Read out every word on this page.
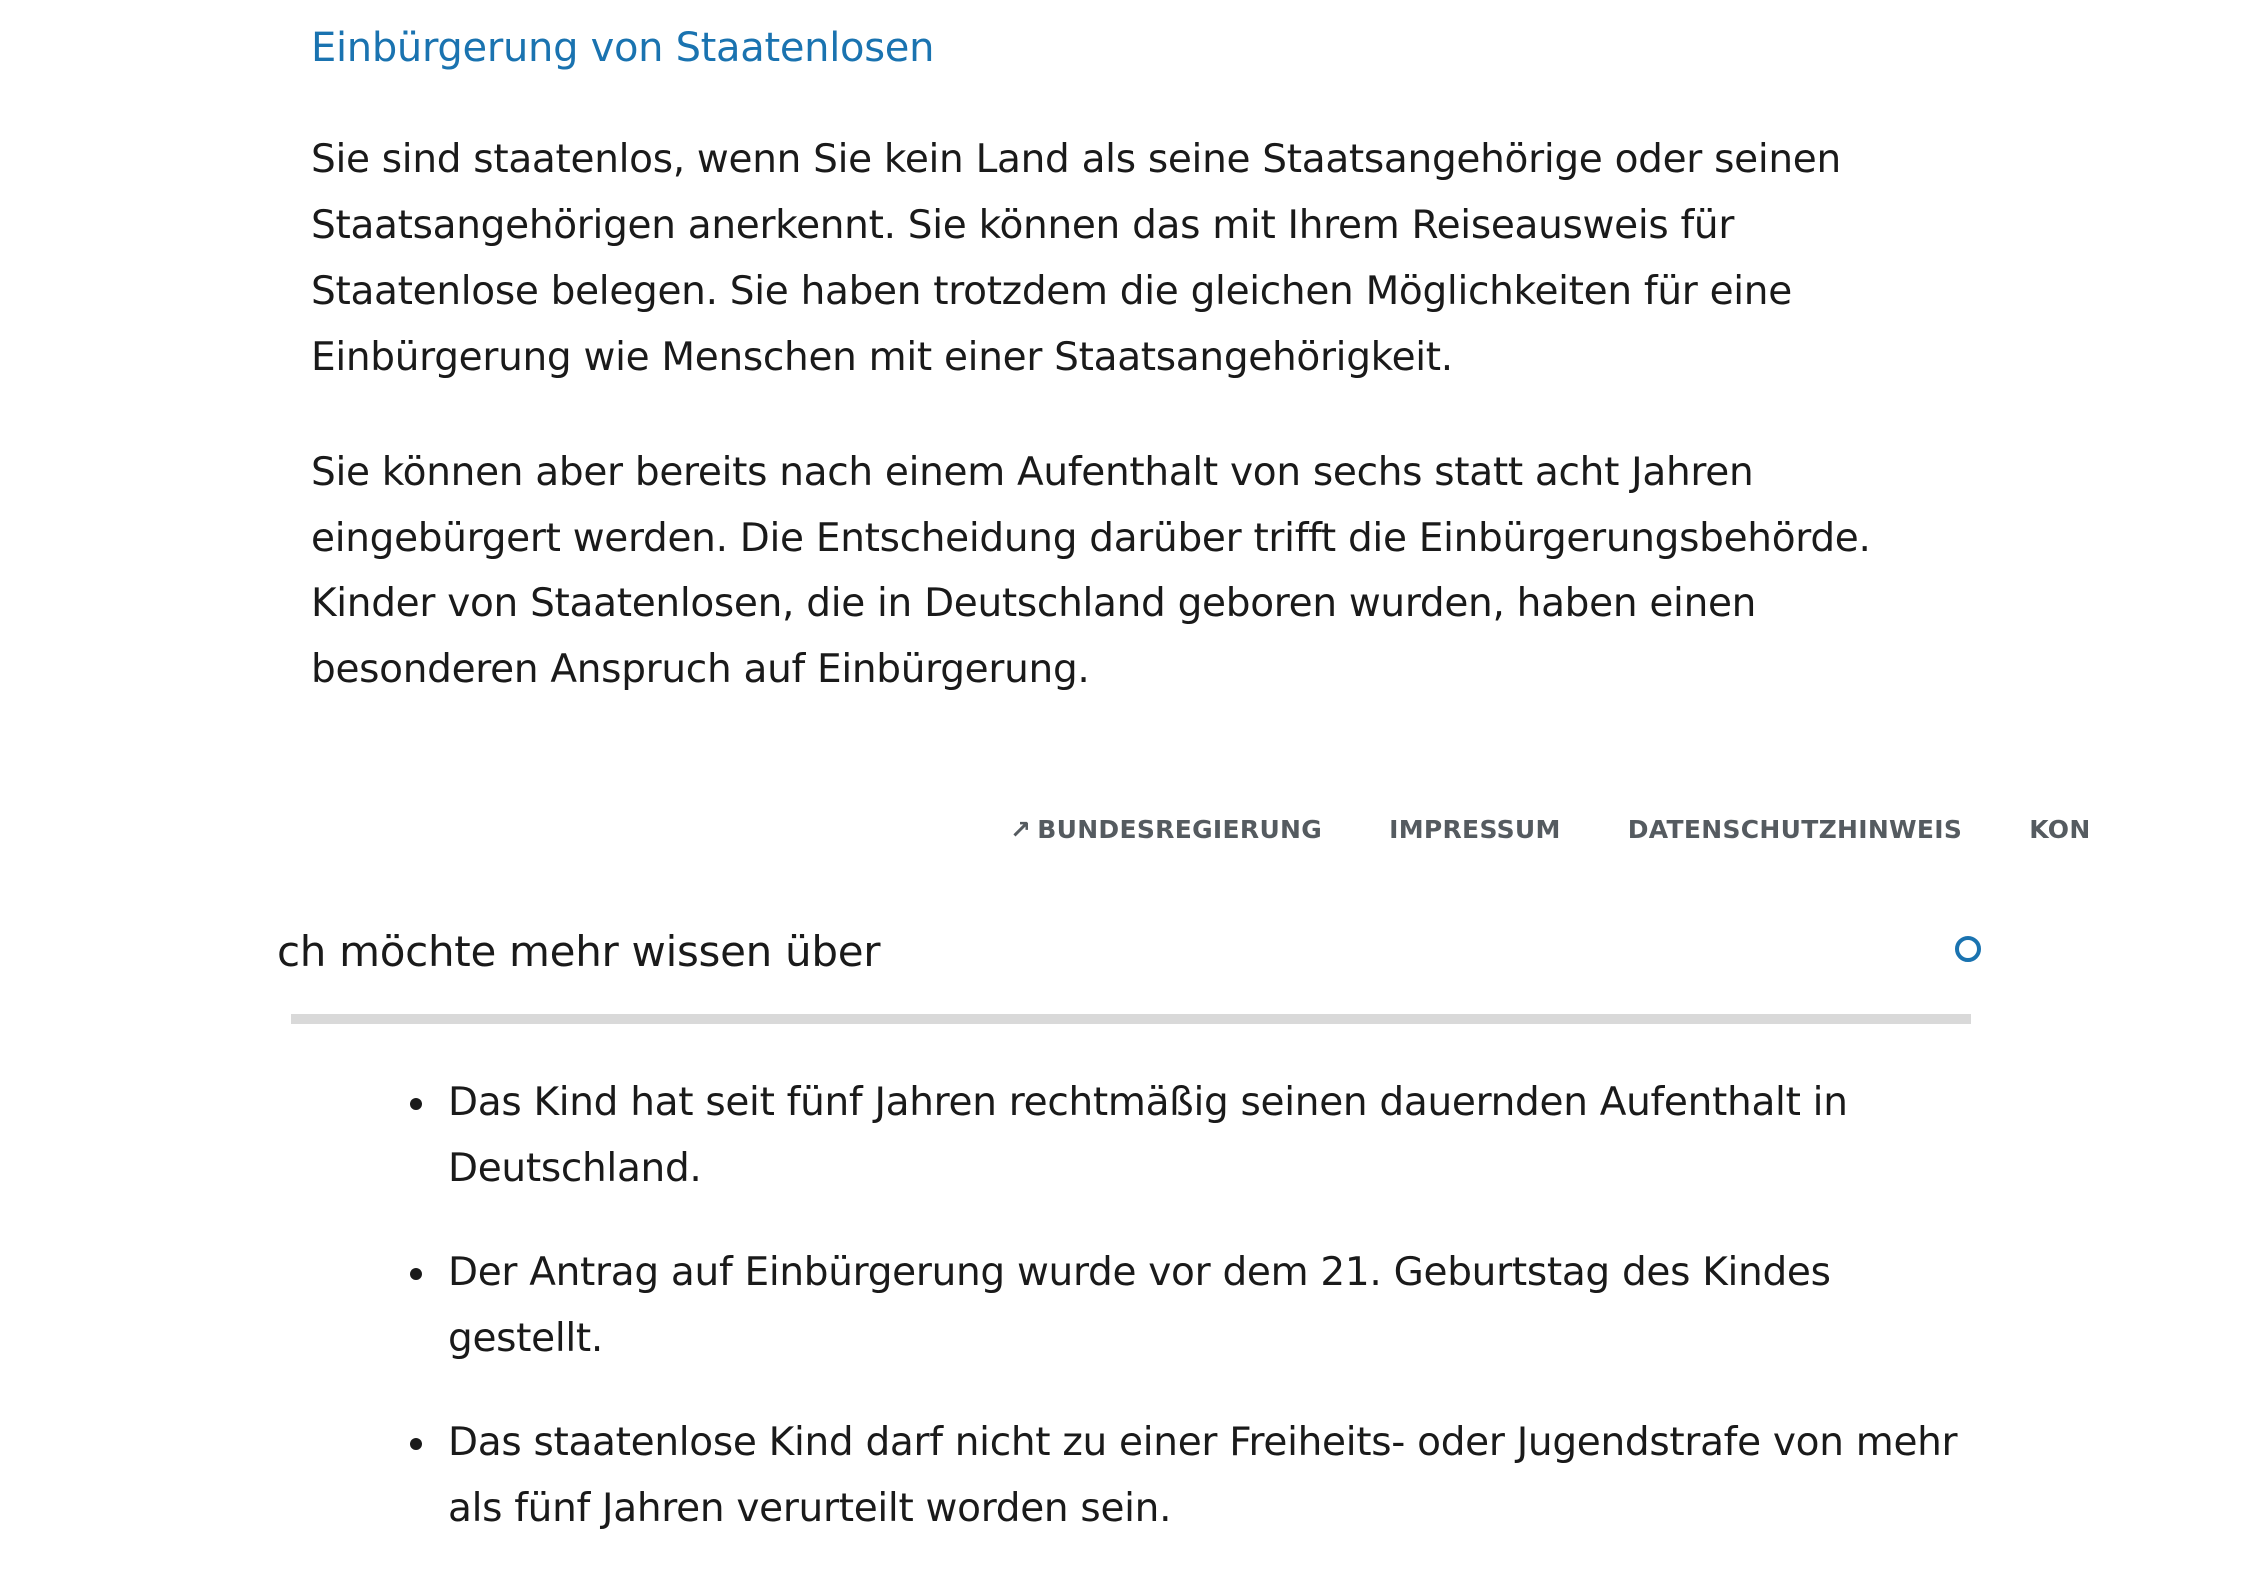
Einbürgerung von Staatenlosen

Sie sind staatenlos, wenn Sie kein Land als seine Staatsangehörige oder seinen Staatsangehörigen anerkennt. Sie können das mit Ihrem Reiseausweis für Staatenlose belegen. Sie haben trotzdem die gleichen Möglichkeiten für eine Einbürgerung wie Menschen mit einer Staatsangehörigkeit.

Sie können aber bereits nach einem Aufenthalt von sechs statt acht Jahren eingebürgert werden. Die Entscheidung darüber trifft die Einbürgerungsbehörde.

Kinder von Staatenlosen, die in Deutschland geboren wurden, haben einen besonderen Anspruch auf Einbürgerung.

↗ BUNDESREGIERUNG	IMPRESSUM	DATENSCHUTZHINWEIS	KON
ch möchte mehr wissen über
Das Kind hat seit fünf Jahren rechtmäßig seinen dauernden Aufenthalt in Deutschland.
Der Antrag auf Einbürgerung wurde vor dem 21. Geburtstag des Kindes gestellt.
Das staatenlose Kind darf nicht zu einer Freiheits- oder Jugendstrafe von mehr als fünf Jahren verurteilt worden sein.
